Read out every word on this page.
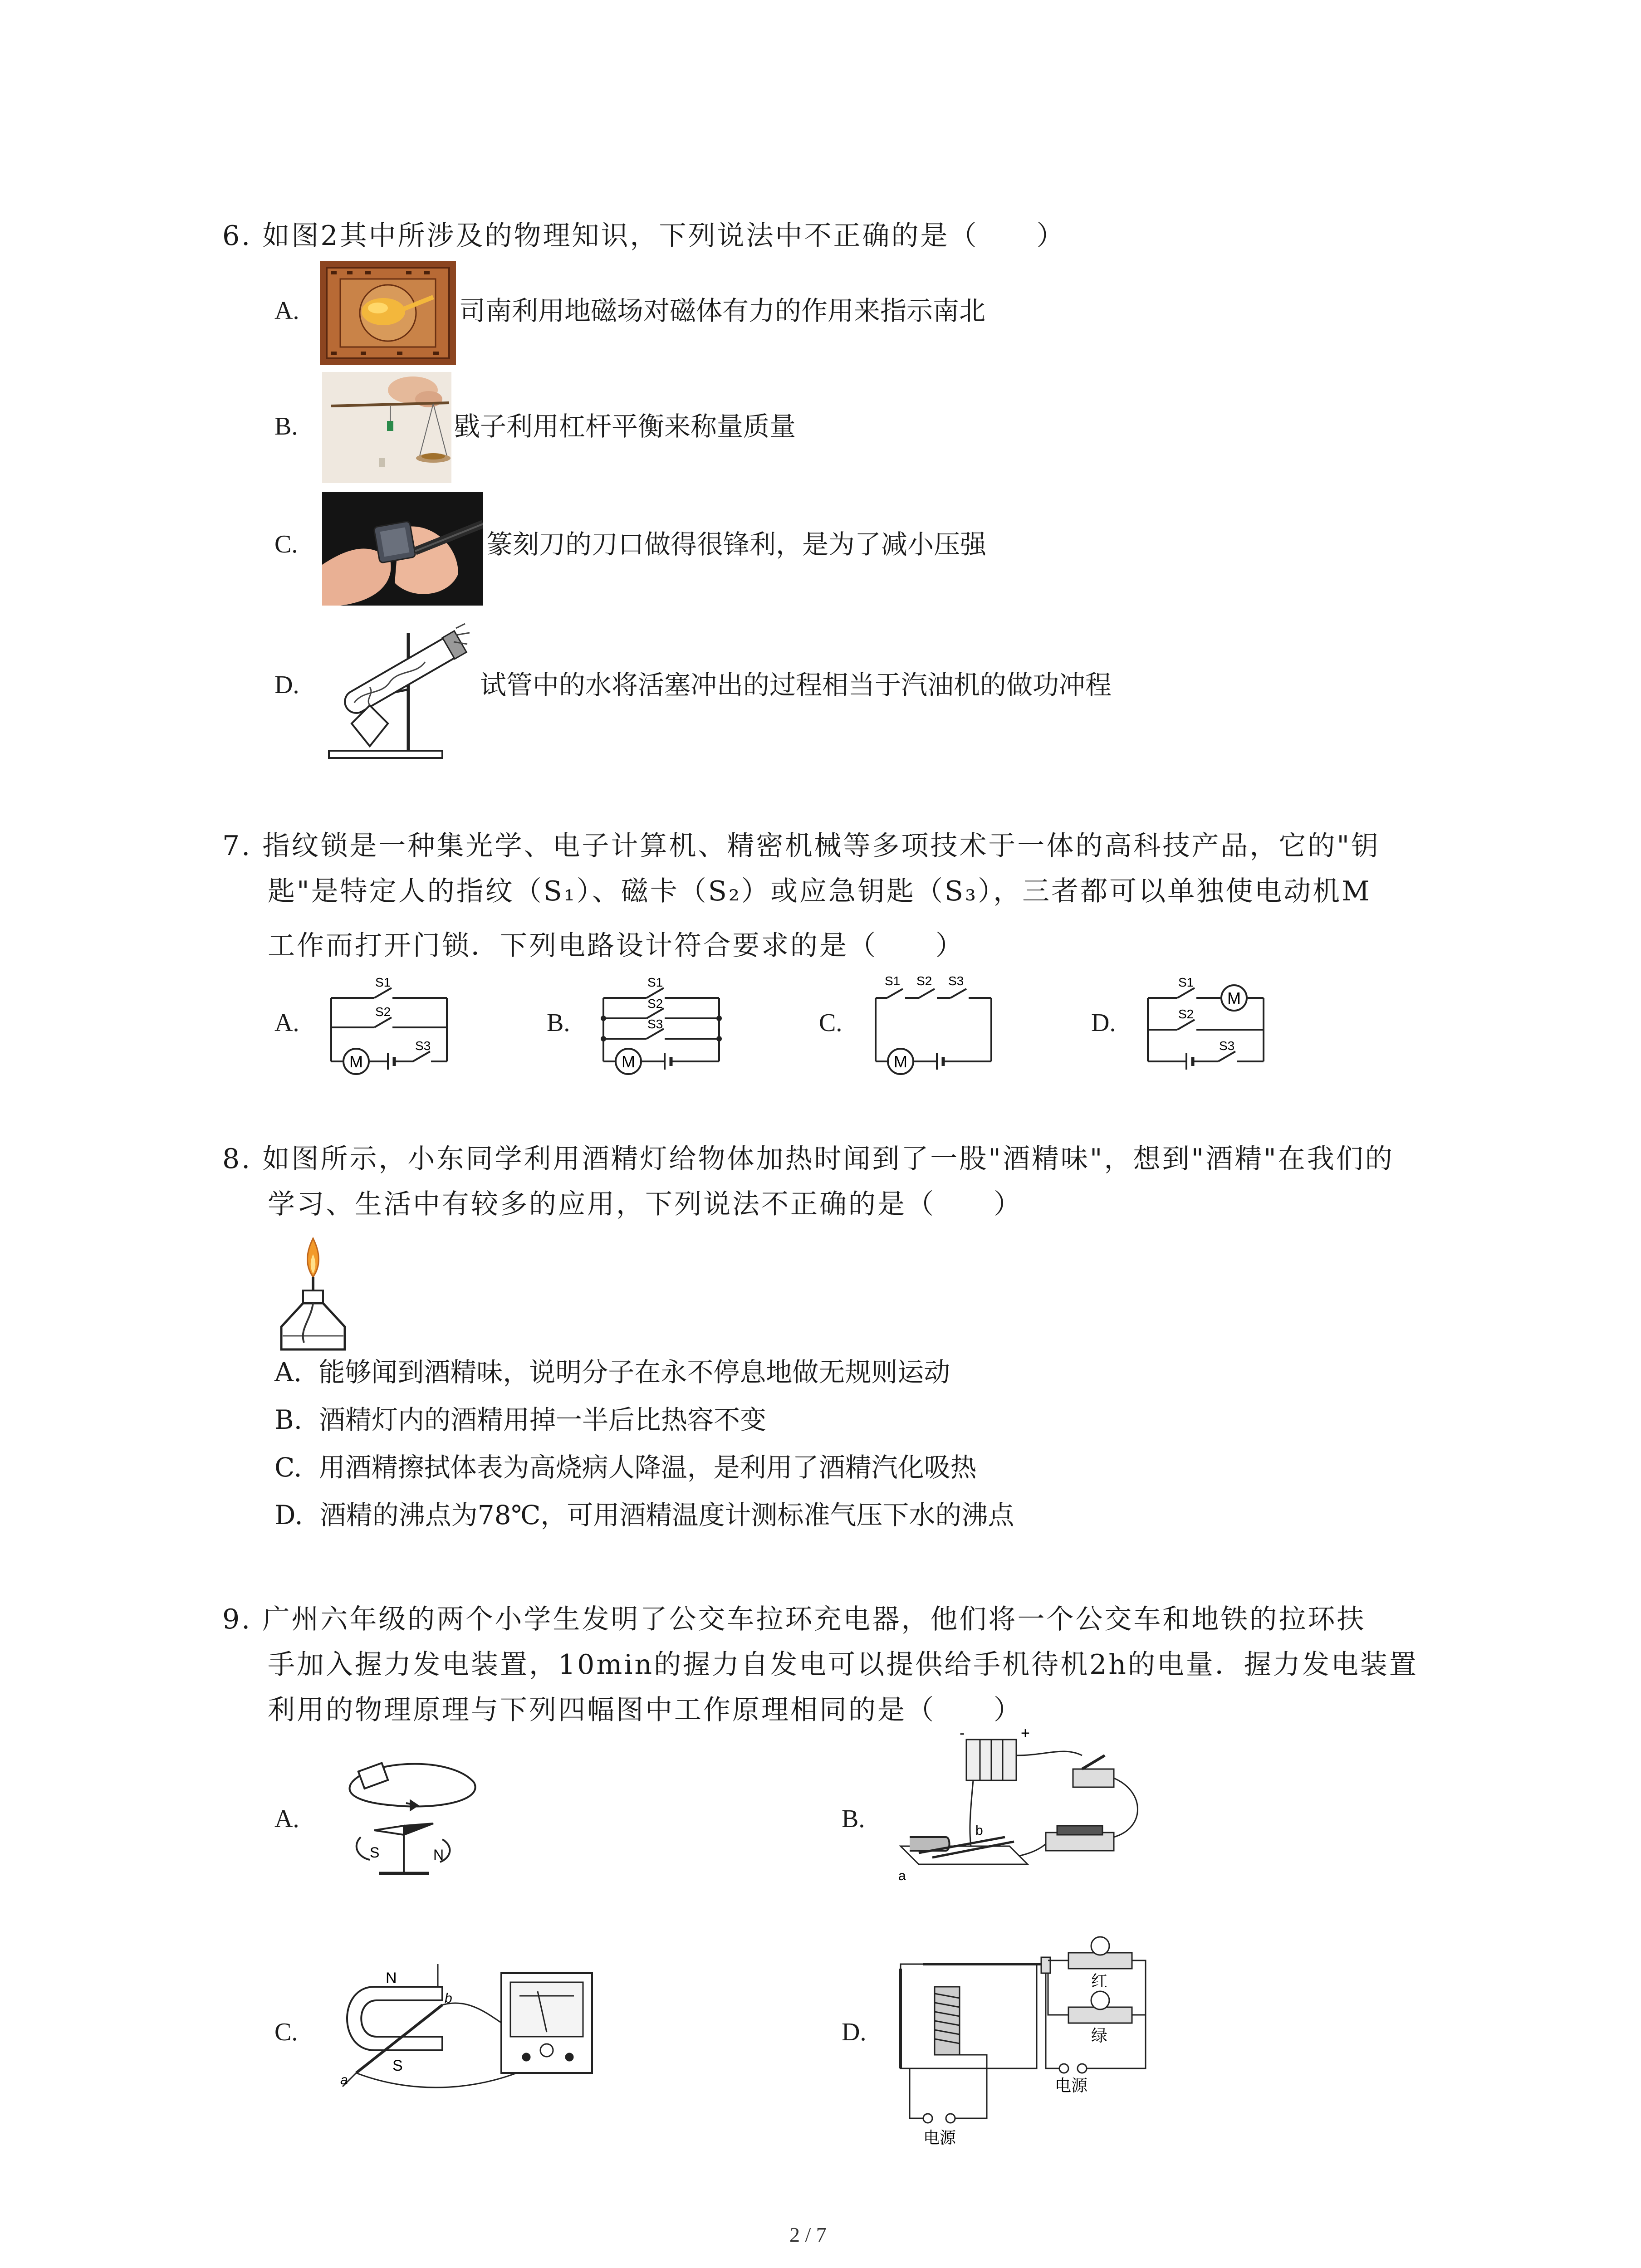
6. 如图2其中所涉及的物理知识，下列说法中不正确的是（　　）
A.	司南利用地磁场对磁体有力的作用来指示南北
B.	戥子利用杠杆平衡来称量质量
C.	篆刻刀的刀口做得很锋利，是为了减小压强
D.	试管中的水将活塞冲出的过程相当于汽油机的做功冲程
7. 指纹锁是一种集光学、电子计算机、精密机械等多项技术于一体的高科技产品，它的"钥
匙"是特定人的指纹（S₁）、磁卡（S₂）或应急钥匙（S₃），三者都可以单独使电动机M
工作而打开门锁．下列电路设计符合要求的是（　　）
A.
M
S1
S2
S3
B.
M
S1
S2
S3	C.
M
S1 S2 S3
D.
M
S1
S2
S3
8. 如图所示，小东同学利用酒精灯给物体加热时闻到了一股"酒精味"，想到"酒精"在我们的
学习、生活中有较多的应用，下列说法不正确的是（　　）
A. 能够闻到酒精味，说明分子在永不停息地做无规则运动
B. 酒精灯内的酒精用掉一半后比热容不变
C. 用酒精擦拭体表为高烧病人降温，是利用了酒精汽化吸热
D. 酒精的沸点为78℃，可用酒精温度计测标准气压下水的沸点
9. 广州六年级的两个小学生发明了公交车拉环充电器，他们将一个公交车和地铁的拉环扶
手加入握力发电装置，10min的握力自发电可以提供给手机待机2h的电量．握力发电装置
利用的物理原理与下列四幅图中工作原理相同的是（　　）
A.
S	N
B.
-	+
b
a
C.
N
S
b
a
D.
红
绿
电源
电源
2 / 7
